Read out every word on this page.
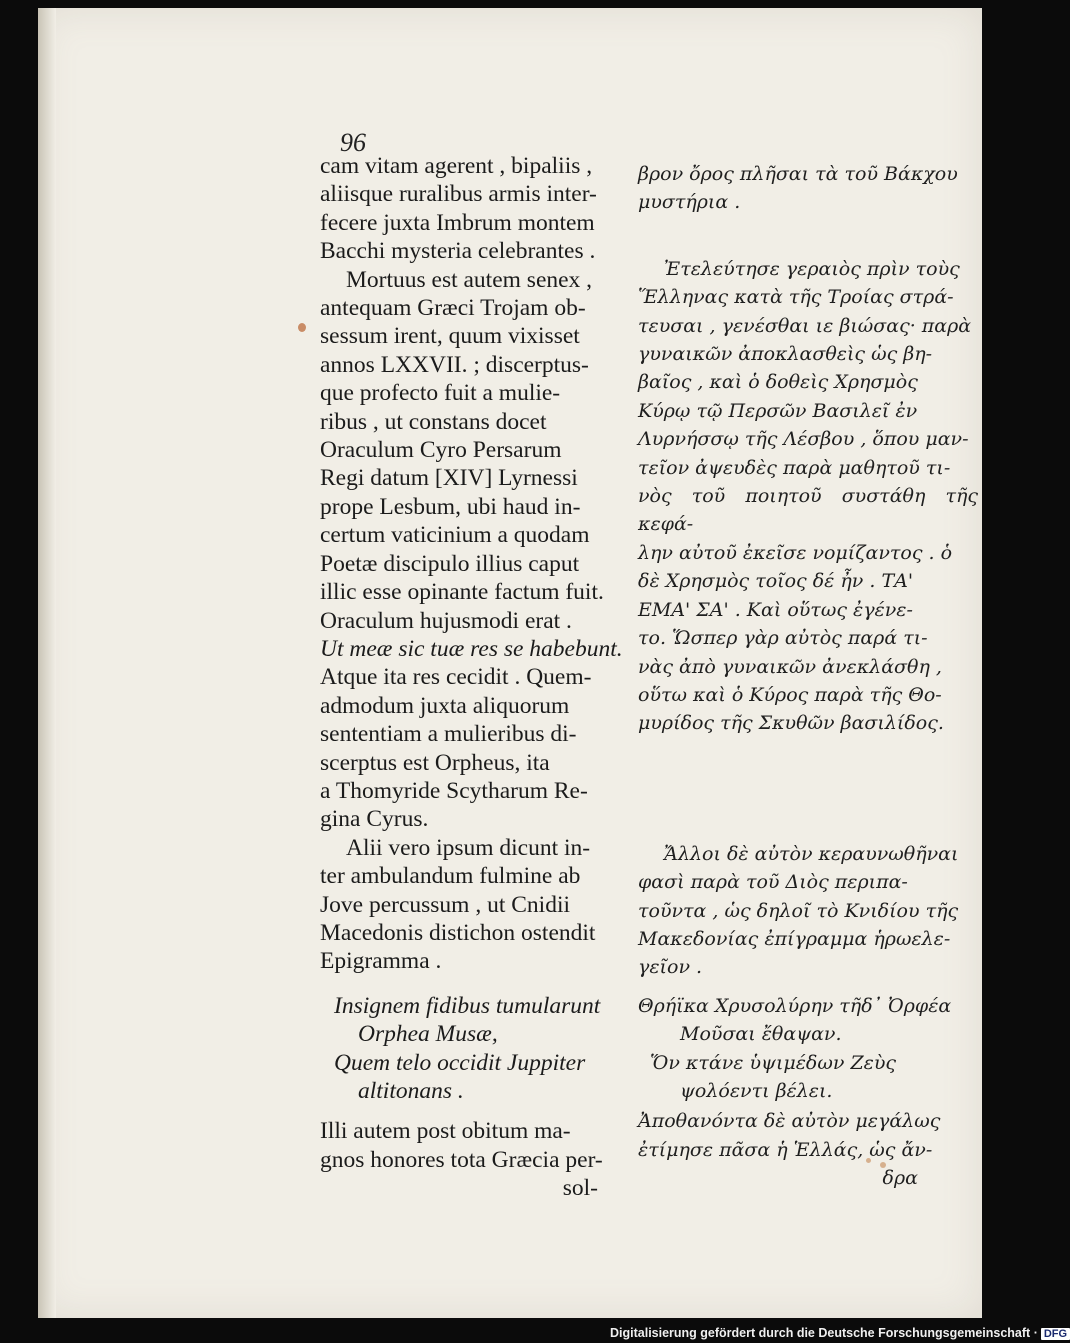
96

cam vitam agerent , bipaliis ,
aliisque ruralibus armis inter-
fecere juxta Imbrum montem
Bacchi mysteria celebrantes .

Mortuus est autem senex ,
antequam Græci Trojam ob-
sessum irent, quum vixisset
annos LXXVII. ; discerptus-
que profecto fuit a mulie-
ribus , ut constans docet
Oraculum Cyro Persarum
Regi datum [XIV] Lyrnessi
prope Lesbum, ubi haud in-
certum vaticinium a quodam
Poetæ discipulo illius caput
illic esse opinante factum fuit.
Oraculum hujusmodi erat .
Ut meæ sic tuæ res se habebunt.
Atque ita res cecidit . Quem-
admodum juxta aliquorum
sententiam a mulieribus di-
scerptus est Orpheus, ita
a Thomyride Scytharum Re-
gina Cyrus.

Alii vero ipsum dicunt in-
ter ambulandum fulmine ab
Jove percussum , ut Cnidii
Macedonis distichon ostendit
Epigramma .

Insignem fidibus tumularunt
Orphea Musæ,
Quem telo occidit Juppiter
altitonans .

Illi autem post obitum ma-
gnos honores tota Græcia per-

sol-

βρον ὄρος πλῆσαι τὰ τοῦ Βάκχου
μυστήρια .

Ἐτελεύτησε γεραιὸς πρὶν τοὺς
Ἕλληνας κατὰ τῆς Τροίας στρά-
τευσαι , γενέσθαι ιε βιώσας· παρὰ
γυναικῶν ἀποκλασθεὶς ὡς βη-
βαῖος , καὶ ὁ δοθεὶς Χρησμὸς
Κύρῳ τῷ Περσῶν Βασιλεῖ ἐν
Λυρνήσσῳ τῆς Λέσβου , ὅπου μαν-
τεῖον ἀψευδὲς παρὰ μαθητοῦ τι-
νὸς τοῦ ποιητοῦ συστάθη τῆς κεφά-
λην αὐτοῦ ἐκεῖσε νομίζαντος . ὁ
δὲ Χρησμὸς τοῖος δέ ἦν . ΤΑ'
ΕΜΑ' ΣΑ' . Καὶ οὕτως ἐγένε-
το. Ὥσπερ γὰρ αὐτὸς παρά τι-
νὰς ἀπὸ γυναικῶν ἀνεκλάσθη ,
οὕτω καὶ ὁ Κύρος παρὰ τῆς Θο-
μυρίδος τῆς Σκυθῶν βασιλίδος.

Ἄλλοι δὲ αὐτὸν κεραυνωθῆναι
φασὶ παρὰ τοῦ Διὸς περιπα-
τοῦντα , ὡς δηλοῖ τὸ Κνιδίου τῆς
Μακεδονίας ἐπίγραμμα ἡρωελε-
γεῖον .

Θρήϊκα Χρυσολύρην τῆδ᾿ Ὀρφέα
Μοῦσαι ἔθαψαν.
Ὅν κτάνε ὑψιμέδων Ζεὺς
ψολόεντι βέλει.

Ἀποθανόντα δὲ αὐτὸν μεγάλως
ἐτίμησε πᾶσα ἡ Ἑλλάς, ὡς ἄν-

δρα
Digitalisierung gefördert durch die Deutsche Forschungsgemeinschaft · DFG
